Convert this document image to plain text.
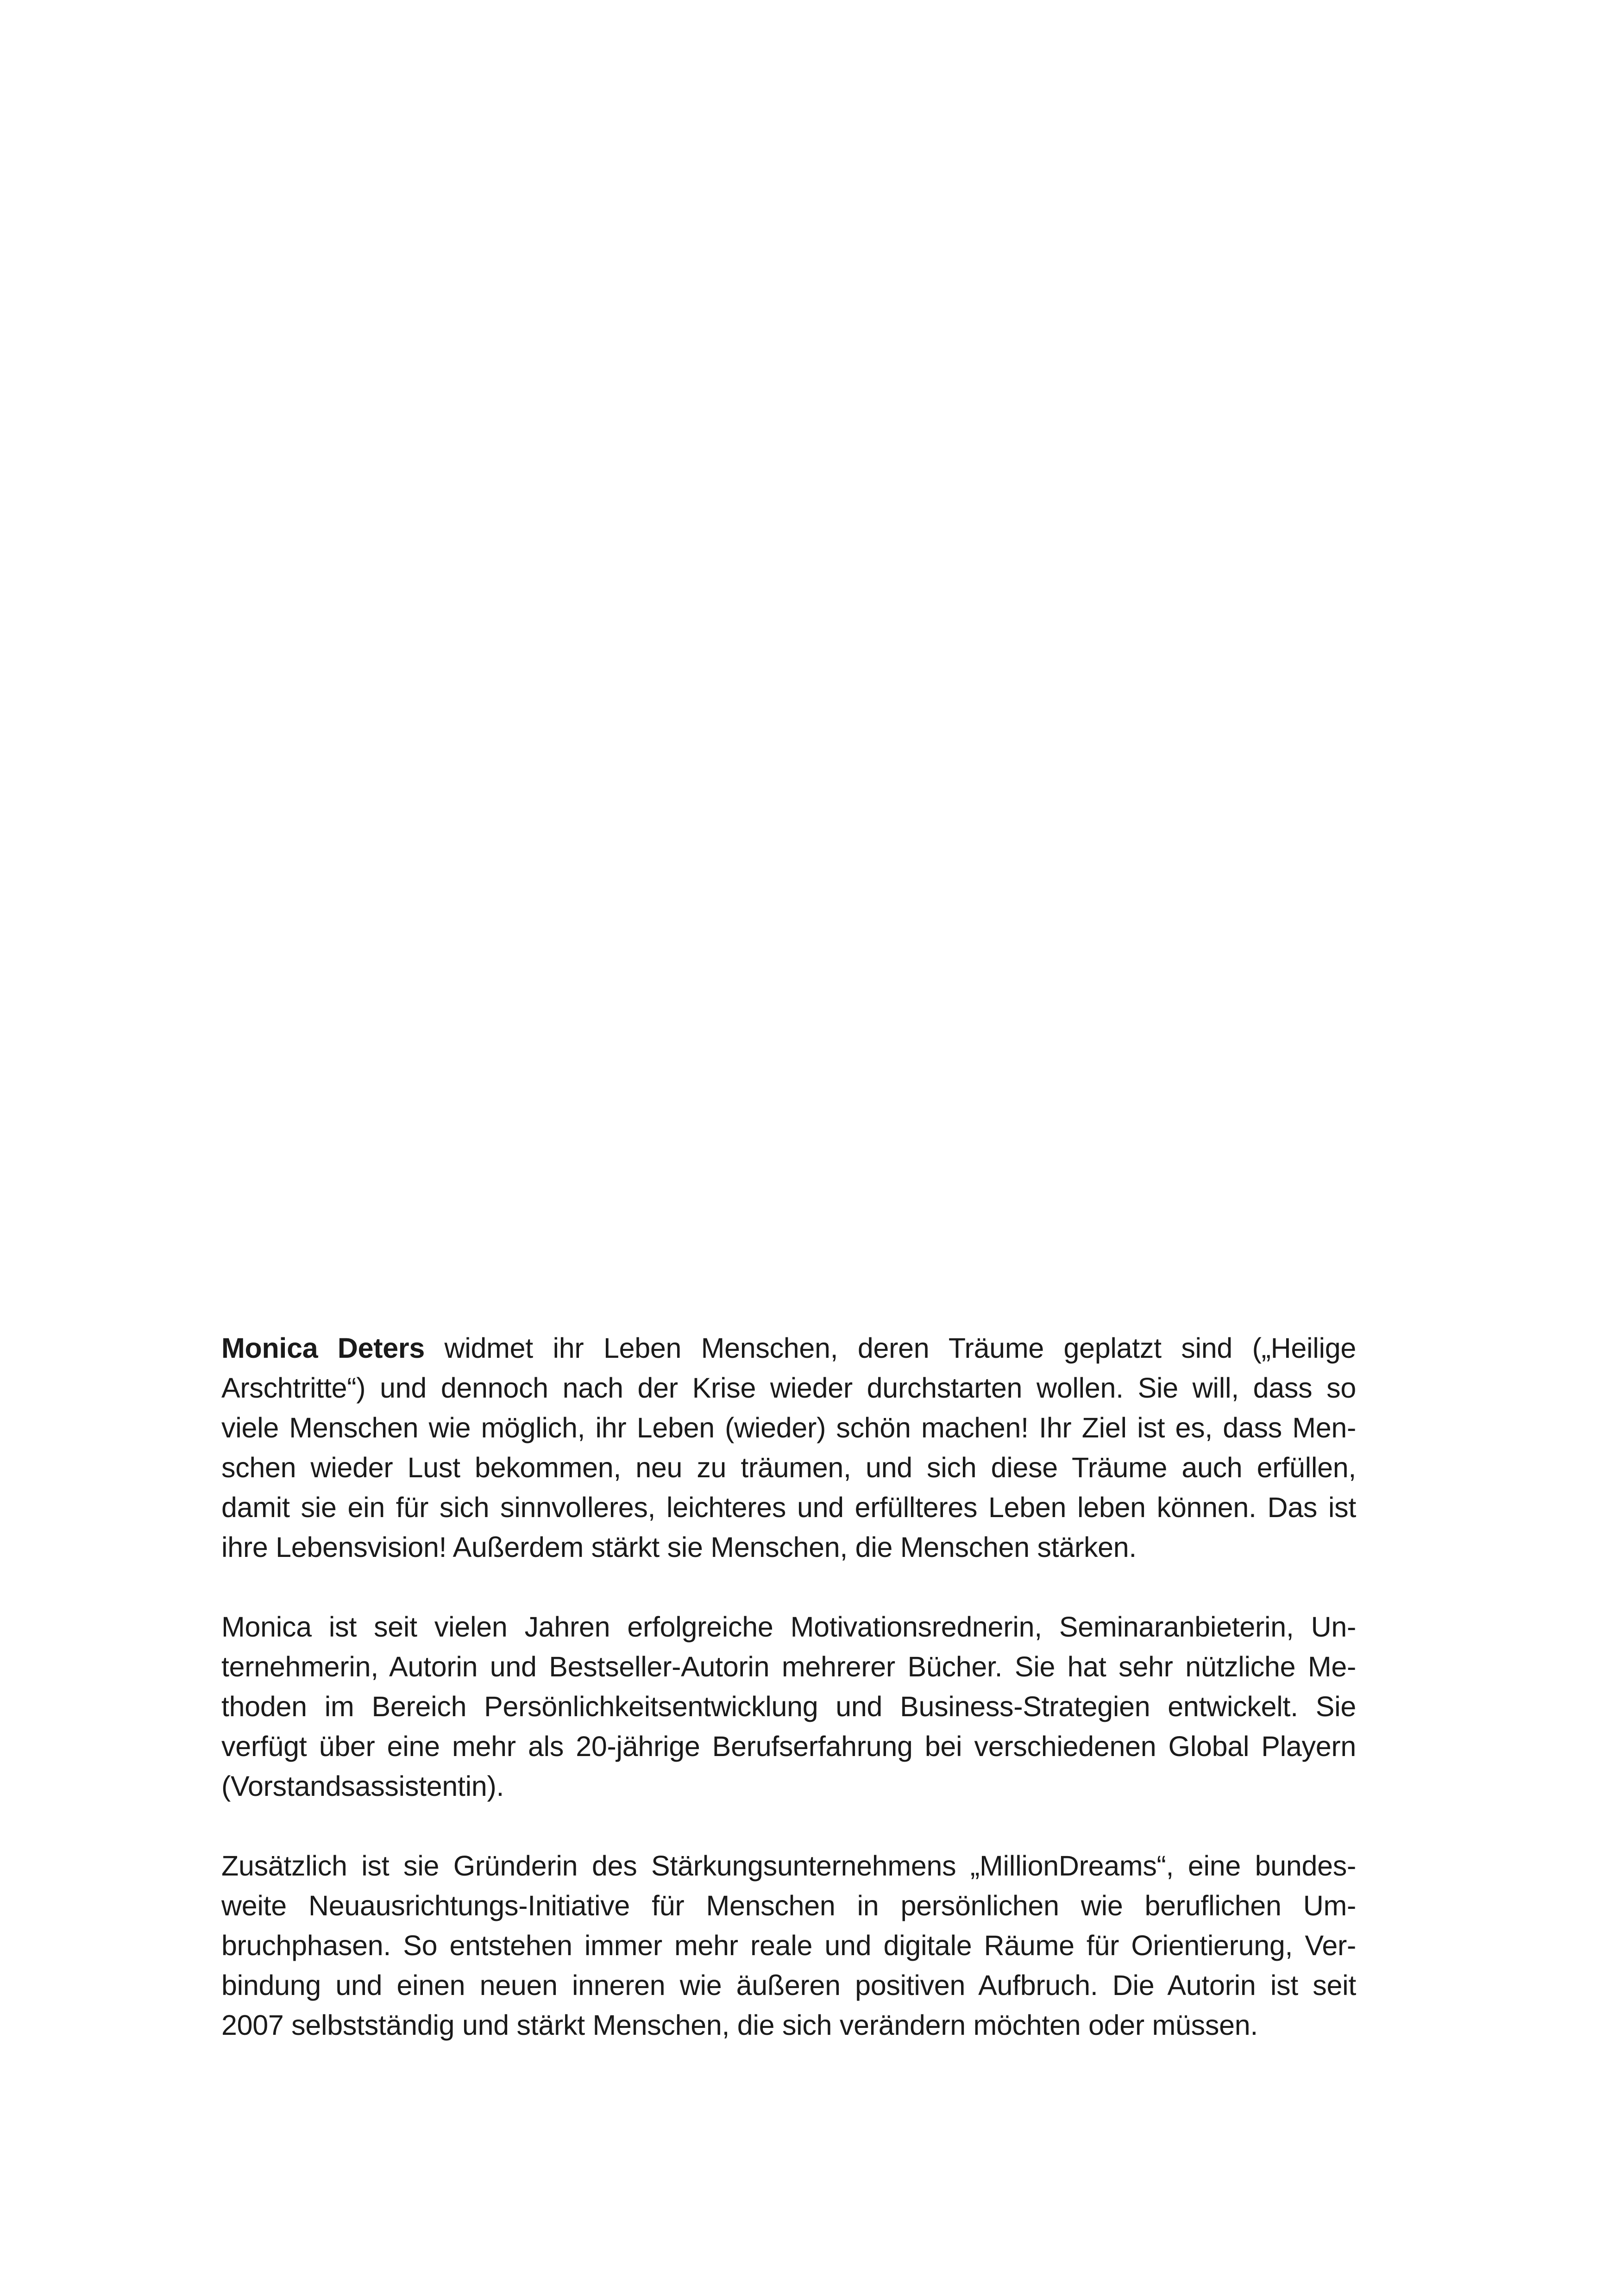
Monica Deters widmet ihr Leben Menschen, deren Träume geplatzt sind („Heilige
Arschtritte“) und dennoch nach der Krise wieder durchstarten wollen. Sie will, dass so
viele Menschen wie möglich, ihr Leben (wieder) schön machen! Ihr Ziel ist es, dass Men-
schen wieder Lust bekommen, neu zu träumen, und sich diese Träume auch erfüllen,
damit sie ein für sich sinnvolleres, leichteres und erfüllteres Leben leben können. Das ist
ihre Lebensvision! Außerdem stärkt sie Menschen, die Menschen stärken.

Monica ist seit vielen Jahren erfolgreiche Motivationsrednerin, Seminaranbieterin, Un-
ternehmerin, Autorin und Bestseller-Autorin mehrerer Bücher. Sie hat sehr nützliche Me-
thoden im Bereich Persönlichkeitsentwicklung und Business-Strategien entwickelt. Sie
verfügt über eine mehr als 20-jährige Berufserfahrung bei verschiedenen Global Playern
(Vorstandsassistentin).

Zusätzlich ist sie Gründerin des Stärkungsunternehmens „MillionDreams“, eine bundes-
weite Neuausrichtungs-Initiative für Menschen in persönlichen wie beruflichen Um-
bruchphasen. So entstehen immer mehr reale und digitale Räume für Orientierung, Ver-
bindung und einen neuen inneren wie äußeren positiven Aufbruch. Die Autorin ist seit
2007 selbstständig und stärkt Menschen, die sich verändern möchten oder müssen.
